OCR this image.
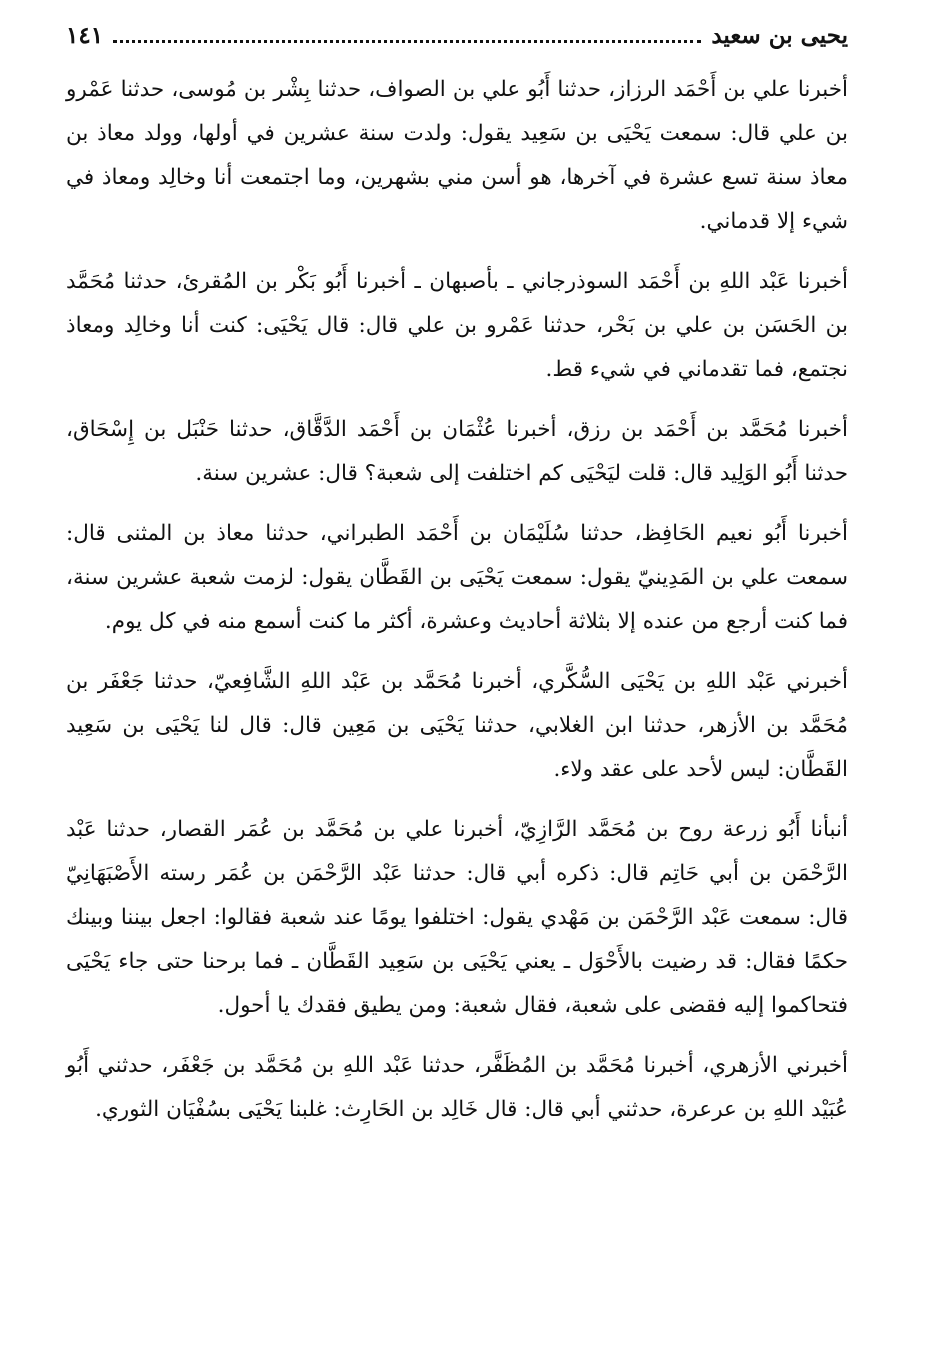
يحيى بن سعيد
١٤١

أخبرنا علي بن أَحْمَد الرزاز، حدثنا أَبُو علي بن الصواف، حدثنا بِشْر بن مُوسى، حدثنا عَمْرو بن علي قال: سمعت يَحْيَى بن سَعِيد يقول: ولدت سنة عشرين في أولها، وولد معاذ بن معاذ سنة تسع عشرة في آخرها، هو أسن مني بشهرين، وما اجتمعت أنا وخالِد ومعاذ في شيء إلا قدماني.

أخبرنا عَبْد اللهِ بن أَحْمَد السوذرجاني ـ بأصبهان ـ أخبرنا أَبُو بَكْر بن المُقرئ، حدثنا مُحَمَّد بن الحَسَن بن علي بن بَحْر، حدثنا عَمْرو بن علي قال: قال يَحْيَى: كنت أنا وخالِد ومعاذ نجتمع، فما تقدماني في شيء قط.

أخبرنا مُحَمَّد بن أَحْمَد بن رزق، أخبرنا عُثْمَان بن أَحْمَد الدَّقَّاق، حدثنا حَنْبَل بن إِسْحَاق، حدثنا أَبُو الوَلِيد قال: قلت ليَحْيَى كم اختلفت إلى شعبة؟ قال: عشرين سنة.

أخبرنا أَبُو نعيم الحَافِظ، حدثنا سُلَيْمَان بن أَحْمَد الطبراني، حدثنا معاذ بن المثنى قال: سمعت علي بن المَدِينيّ يقول: سمعت يَحْيَى بن القَطَّان يقول: لزمت شعبة عشرين سنة، فما كنت أرجع من عنده إلا بثلاثة أحاديث وعشرة، أكثر ما كنت أسمع منه في كل يوم.

أخبرني عَبْد اللهِ بن يَحْيَى السُّكَّري، أخبرنا مُحَمَّد بن عَبْد اللهِ الشَّافِعيّ، حدثنا جَعْفَر بن مُحَمَّد بن الأزهر، حدثنا ابن الغلابي، حدثنا يَحْيَى بن مَعِين قال: قال لنا يَحْيَى بن سَعِيد القَطَّان: ليس لأحد على عقد ولاء.

أنبأنا أَبُو زرعة روح بن مُحَمَّد الرَّازِيّ، أخبرنا علي بن مُحَمَّد بن عُمَر القصار، حدثنا عَبْد الرَّحْمَن بن أبي حَاتِم قال: ذكره أبي قال: حدثنا عَبْد الرَّحْمَن بن عُمَر رسته الأَصْبَهَانِيّ قال: سمعت عَبْد الرَّحْمَن بن مَهْدي يقول: اختلفوا يومًا عند شعبة فقالوا: اجعل بيننا وبينك حكمًا فقال: قد رضيت بالأَحْوَل ـ يعني يَحْيَى بن سَعِيد القَطَّان ـ فما برحنا حتى جاء يَحْيَى فتحاكموا إليه فقضى على شعبة، فقال شعبة: ومن يطيق فقدك يا أحول.

أخبرني الأزهري، أخبرنا مُحَمَّد بن المُظَفَّر، حدثنا عَبْد اللهِ بن مُحَمَّد بن جَعْفَر، حدثني أَبُو عُبَيْد اللهِ بن عرعرة، حدثني أبي قال: قال خَالِد بن الحَارِث: غلبنا يَحْيَى بسُفْيَان الثوري.
